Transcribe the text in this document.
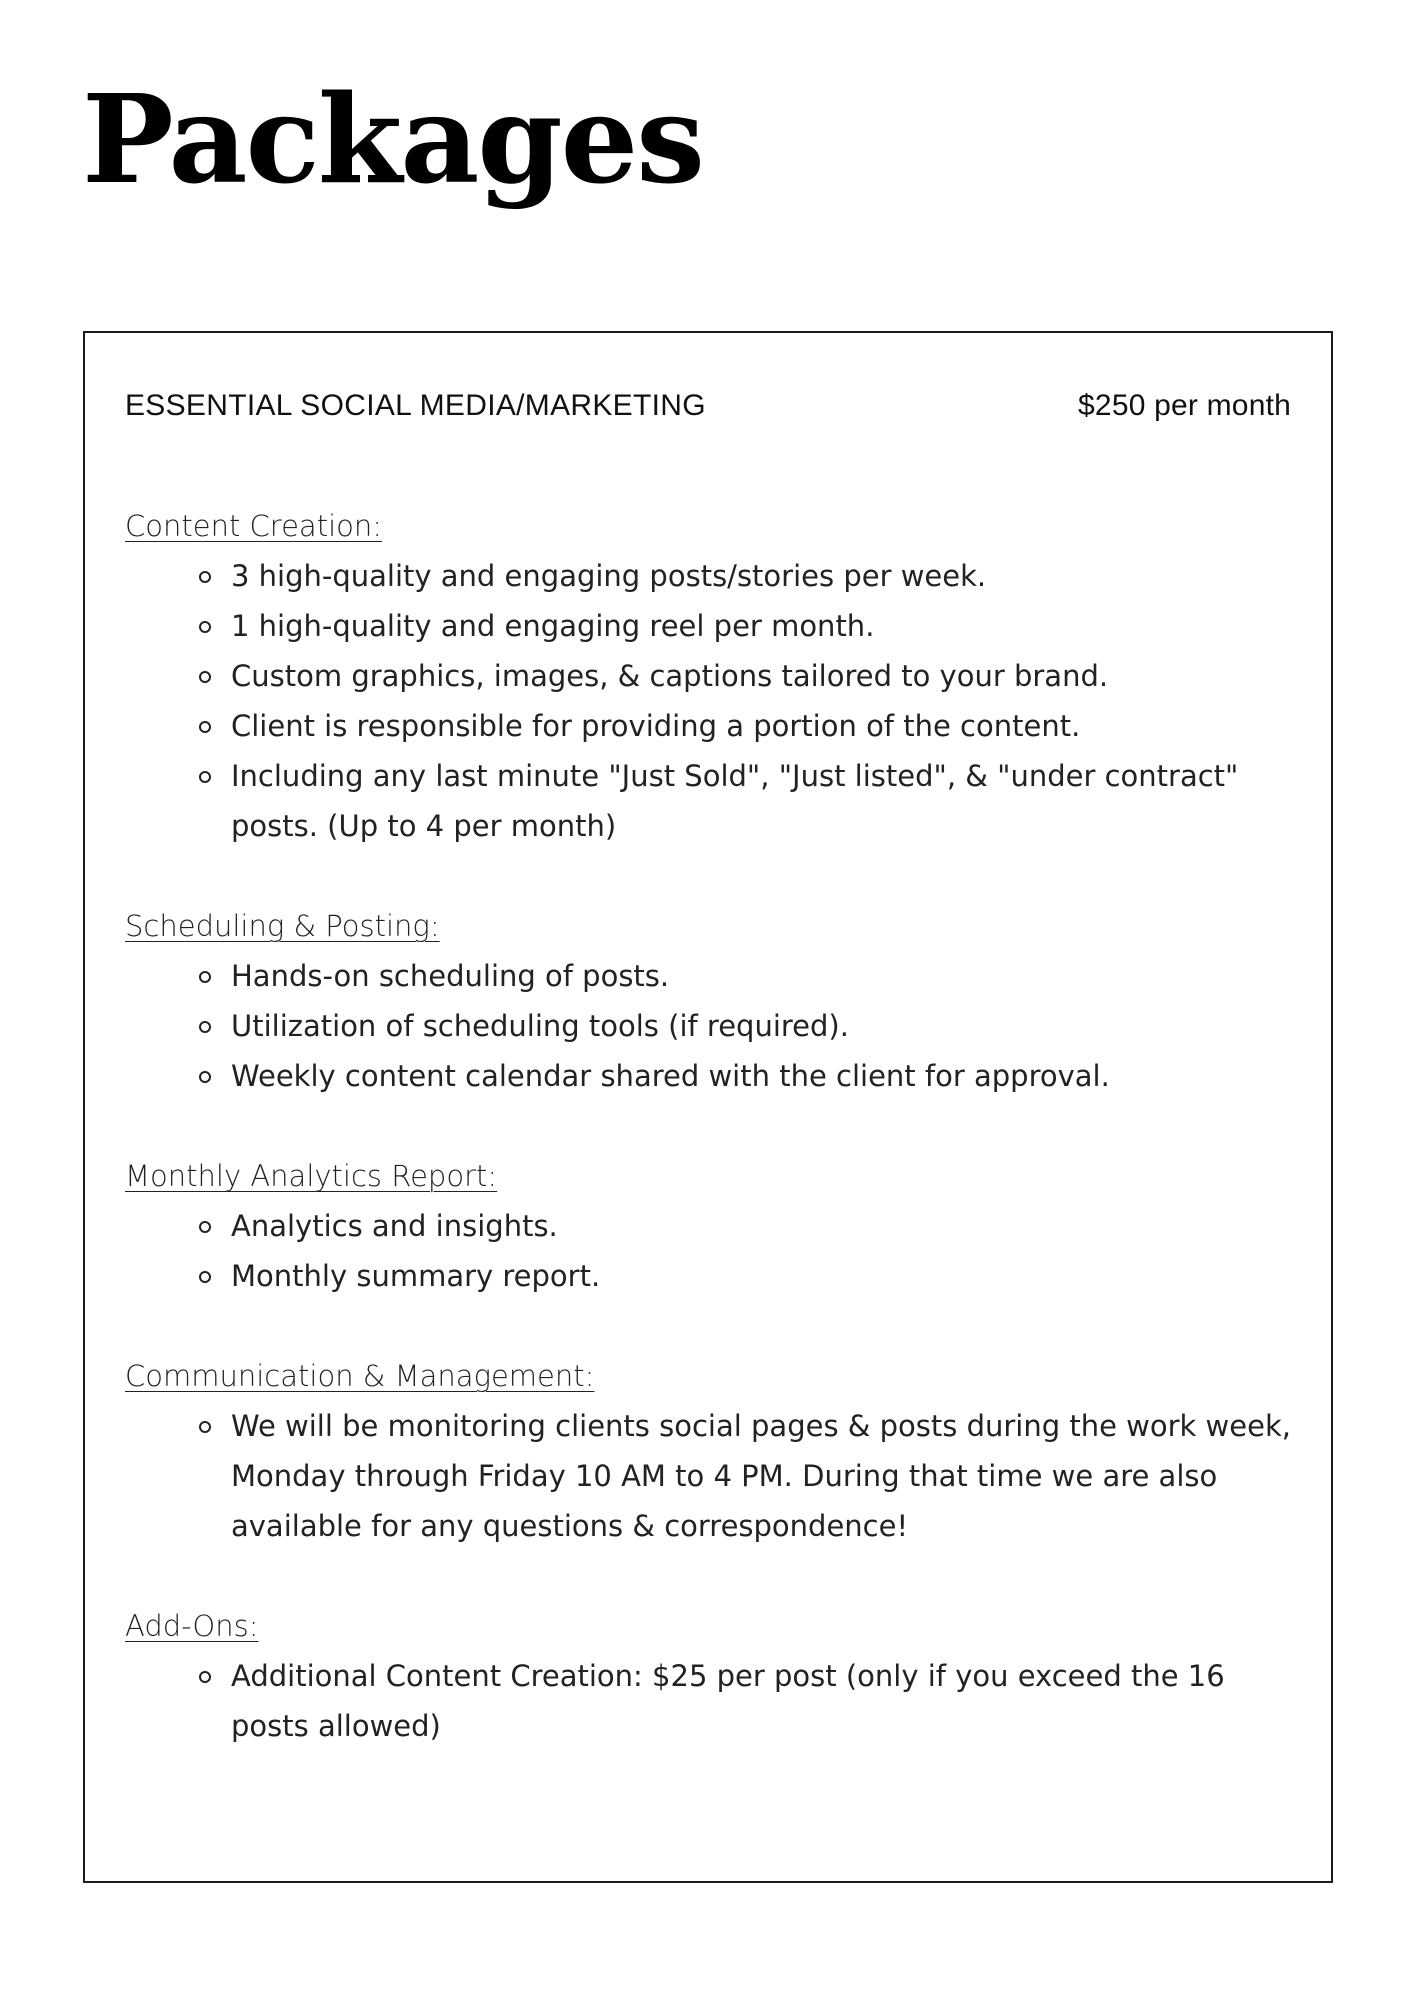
Packages
ESSENTIAL SOCIAL MEDIA/MARKETING	$250 per month
Content Creation:
3 high-quality and engaging posts/stories per week.
1 high-quality and engaging reel per month.
Custom graphics, images, & captions tailored to your brand.
Client is responsible for providing a portion of the content.
Including any last minute "Just Sold", "Just listed", & "under contract" posts. (Up to 4 per month)
Scheduling & Posting:
Hands-on scheduling of posts.
Utilization of scheduling tools (if required).
Weekly content calendar shared with the client for approval.
Monthly Analytics Report:
Analytics and insights.
Monthly summary report.
Communication & Management:
We will be monitoring clients social pages & posts during the work week, Monday through Friday 10 AM to 4 PM. During that time we are also available for any questions & correspondence!
Add-Ons:
Additional Content Creation: $25 per post (only if you exceed the 16 posts allowed)
